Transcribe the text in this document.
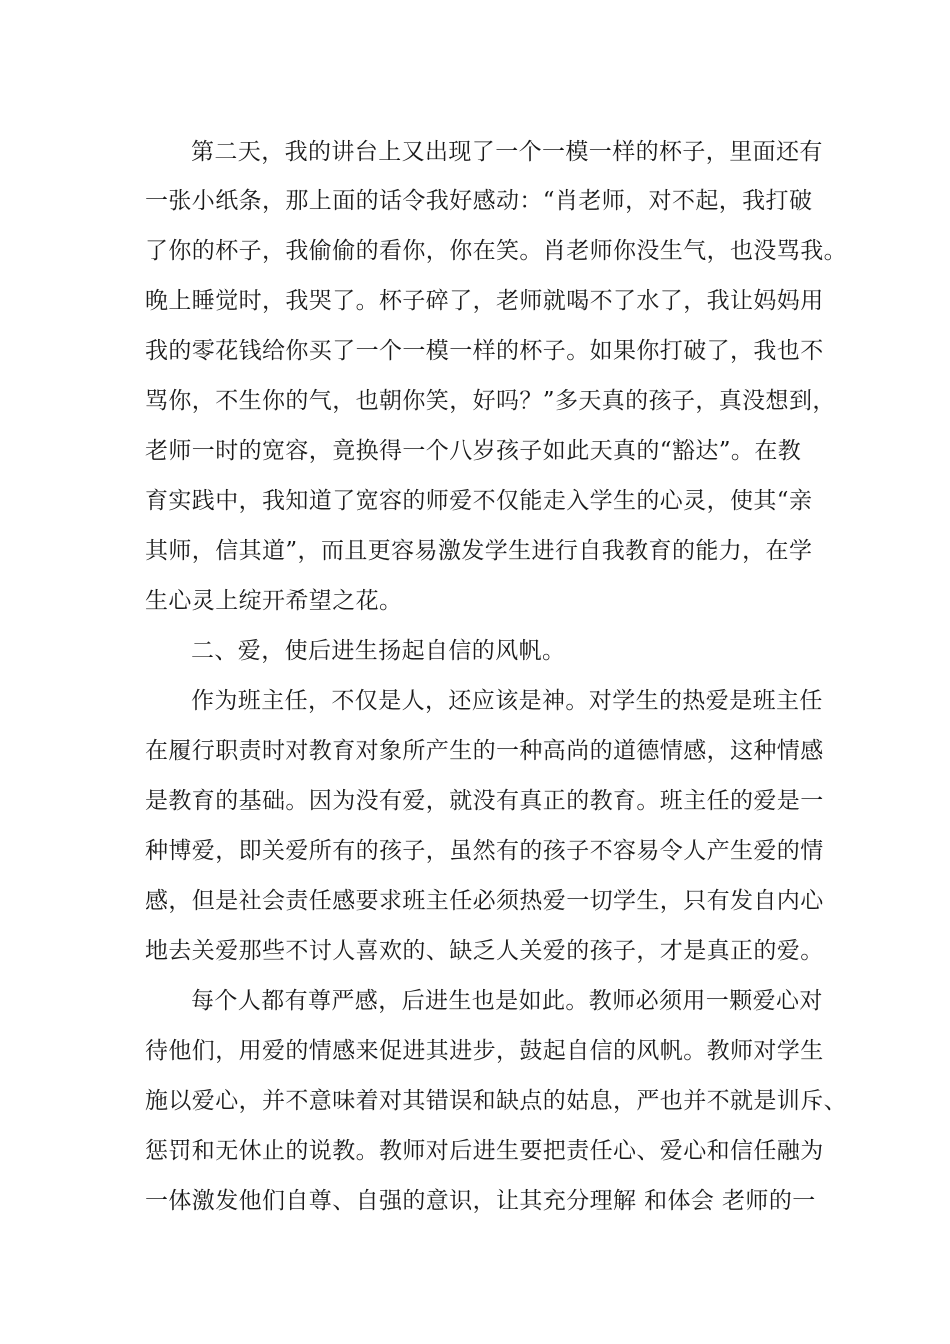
第二天，我的讲台上又出现了一个一模一样的杯子，里面还有

一张小纸条，那上面的话令我好感动：“肖老师，对不起，我打破

了你的杯子，我偷偷的看你，你在笑。肖老师你没生气，也没骂我。

晚上睡觉时，我哭了。杯子碎了，老师就喝不了水了，我让妈妈用

我的零花钱给你买了一个一模一样的杯子。如果你打破了，我也不

骂你，不生你的气，也朝你笑，好吗？”多天真的孩子，真没想到，

老师一时的宽容，竟换得一个八岁孩子如此天真的“豁达”。在教

育实践中，我知道了宽容的师爱不仅能走入学生的心灵，使其“亲

其师，信其道”，而且更容易激发学生进行自我教育的能力，在学

生心灵上绽开希望之花。

二、爱，使后进生扬起自信的风帆。

作为班主任，不仅是人，还应该是神。对学生的热爱是班主任

在履行职责时对教育对象所产生的一种高尚的道德情感，这种情感

是教育的基础。因为没有爱，就没有真正的教育。班主任的爱是一

种博爱，即关爱所有的孩子，虽然有的孩子不容易令人产生爱的情

感，但是社会责任感要求班主任必须热爱一切学生，只有发自内心

地去关爱那些不讨人喜欢的、缺乏人关爱的孩子，才是真正的爱。

每个人都有尊严感，后进生也是如此。教师必须用一颗爱心对

待他们，用爱的情感来促进其进步，鼓起自信的风帆。教师对学生

施以爱心，并不意味着对其错误和缺点的姑息，严也并不就是训斥、

惩罚和无休止的说教。教师对后进生要把责任心、爱心和信任融为

一体激发他们自尊、自强的意识，让其充分理解 和体会 老师的一
